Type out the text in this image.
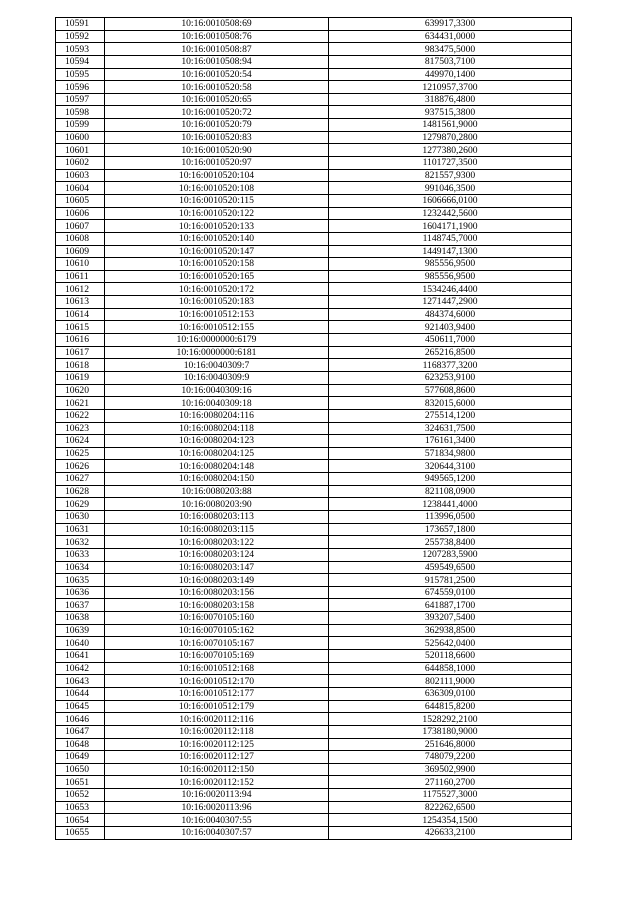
10591	10:16:0010508:69	639917,3300
10592	10:16:0010508:76	634431,0000
10593	10:16:0010508:87	983475,5000
10594	10:16:0010508:94	817503,7100
10595	10:16:0010520:54	449970,1400
10596	10:16:0010520:58	1210957,3700
10597	10:16:0010520:65	318876,4800
10598	10:16:0010520:72	937515,3800
10599	10:16:0010520:79	1481561,9000
10600	10:16:0010520:83	1279870,2800
10601	10:16:0010520:90	1277380,2600
10602	10:16:0010520:97	1101727,3500
10603	10:16:0010520:104	821557,9300
10604	10:16:0010520:108	991046,3500
10605	10:16:0010520:115	1606666,0100
10606	10:16:0010520:122	1232442,5600
10607	10:16:0010520:133	1604171,1900
10608	10:16:0010520:140	1148745,7000
10609	10:16:0010520:147	1449147,1300
10610	10:16:0010520:158	985556,9500
10611	10:16:0010520:165	985556,9500
10612	10:16:0010520:172	1534246,4400
10613	10:16:0010520:183	1271447,2900
10614	10:16:0010512:153	484374,6000
10615	10:16:0010512:155	921403,9400
10616	10:16:0000000:6179	450611,7000
10617	10:16:0000000:6181	265216,8500
10618	10:16:0040309:7	1168377,3200
10619	10:16:0040309:9	623253,9100
10620	10:16:0040309:16	577608,8600
10621	10:16:0040309:18	832015,6000
10622	10:16:0080204:116	275514,1200
10623	10:16:0080204:118	324631,7500
10624	10:16:0080204:123	176161,3400
10625	10:16:0080204:125	571834,9800
10626	10:16:0080204:148	320644,3100
10627	10:16:0080204:150	949565,1200
10628	10:16:0080203:88	821108,0900
10629	10:16:0080203:90	1238441,4000
10630	10:16:0080203:113	113996,0500
10631	10:16:0080203:115	173657,1800
10632	10:16:0080203:122	255738,8400
10633	10:16:0080203:124	1207283,5900
10634	10:16:0080203:147	459549,6500
10635	10:16:0080203:149	915781,2500
10636	10:16:0080203:156	674559,0100
10637	10:16:0080203:158	641887,1700
10638	10:16:0070105:160	393207,5400
10639	10:16:0070105:162	362938,8500
10640	10:16:0070105:167	525642,0400
10641	10:16:0070105:169	520118,6600
10642	10:16:0010512:168	644858,1000
10643	10:16:0010512:170	802111,9000
10644	10:16:0010512:177	636309,0100
10645	10:16:0010512:179	644815,8200
10646	10:16:0020112:116	1528292,2100
10647	10:16:0020112:118	1738180,9000
10648	10:16:0020112:125	251646,8000
10649	10:16:0020112:127	748079,2200
10650	10:16:0020112:150	369502,9900
10651	10:16:0020112:152	271160,2700
10652	10:16:0020113:94	1175527,3000
10653	10:16:0020113:96	822262,6500
10654	10:16:0040307:55	1254354,1500
10655	10:16:0040307:57	426633,2100
